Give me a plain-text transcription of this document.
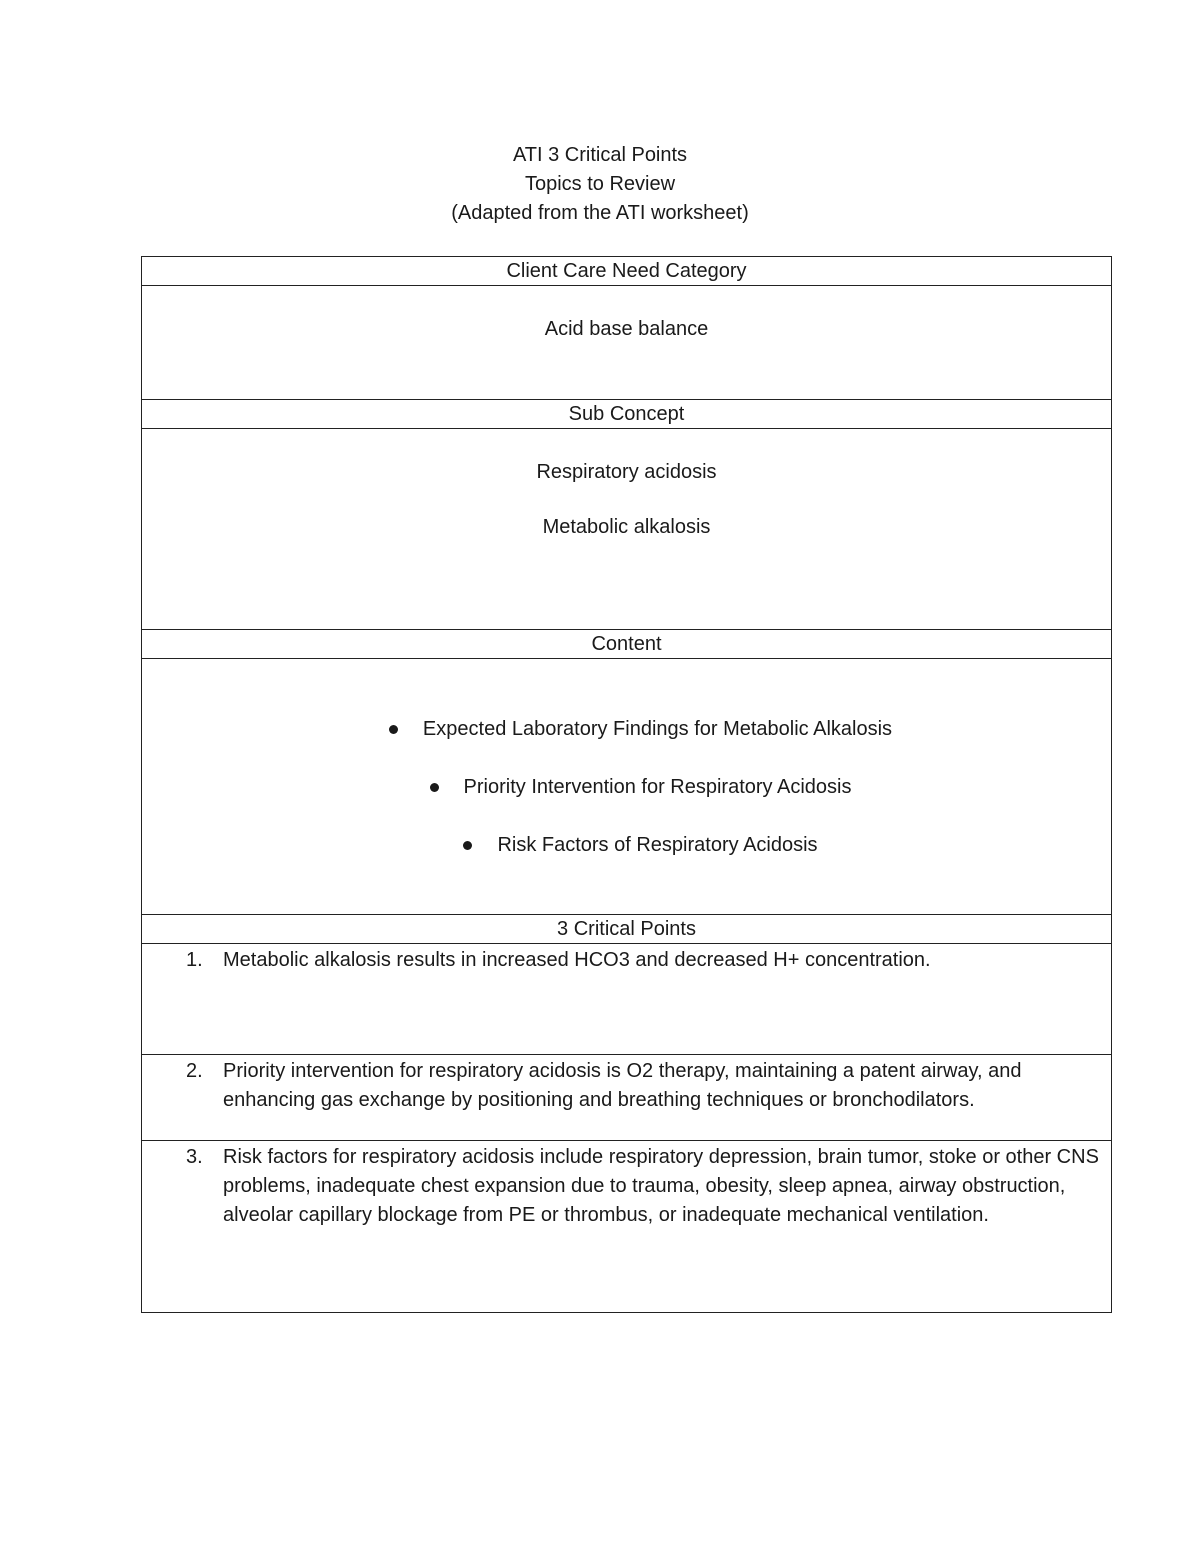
ATI 3 Critical Points
Topics to Review
(Adapted from the ATI worksheet)
Client Care Need Category

Acid base balance

Sub Concept

Respiratory acidosis

Metabolic alkalosis

Content

Expected Laboratory Findings for Metabolic Alkalosis
Priority Intervention for Respiratory Acidosis
Risk Factors of Respiratory Acidosis

3 Critical Points

1.	Metabolic alkalosis results in increased HCO3 and decreased H+ concentration.

2.	Priority intervention for respiratory acidosis is O2 therapy, maintaining a patent airway, and enhancing gas exchange by positioning and breathing techniques or bronchodilators.

3.	Risk factors for respiratory acidosis include respiratory depression, brain tumor, stoke or other CNS problems, inadequate chest expansion due to trauma, obesity, sleep apnea, airway obstruction, alveolar capillary blockage from PE or thrombus, or inadequate mechanical ventilation.
